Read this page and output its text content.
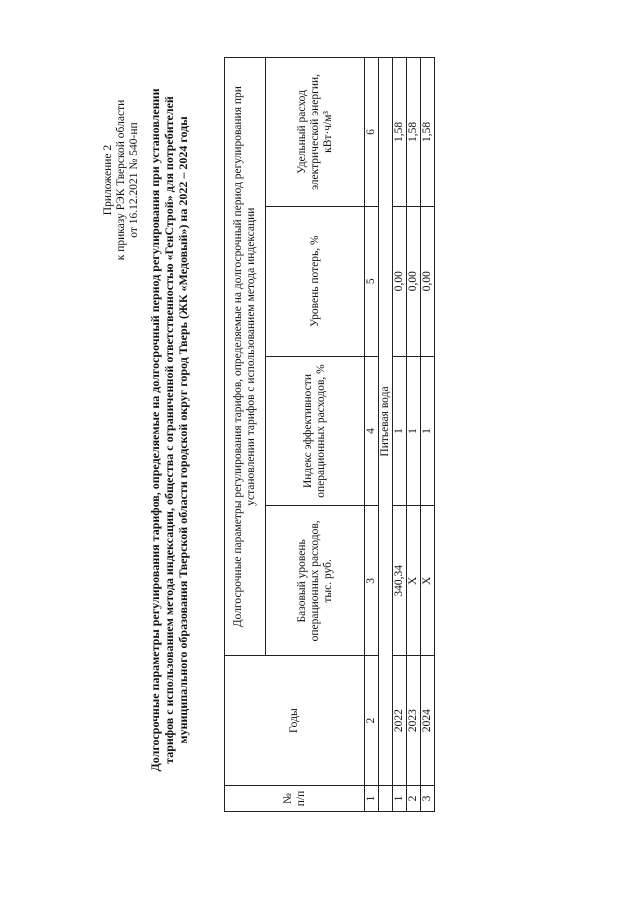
Приложение 2 к приказу РЭК Тверской области от 16.12.2021 № 540-нп Долгосрочные параметры регулирования тарифов, определяемые на долгосрочный период регулирования при установлении тарифов с использованием метода индексации, общества с ограниченной ответственностью «ГенСтрой» для потребителей муниципального образования Тверской области городской округ город Тверь (ЖК «Медовый») на 2022 – 2024 годы
№ п/п	Годы	Долгосрочные параметры регулирования тарифов, определяемые на долгосрочный период регулирования при установлении тарифов с использованием метода индексации			
		Базовый уровень операционных расходов, тыс. руб.	Индекс эффективности операционных расходов, %	Уровень потерь, %	Удельный расход электрической энергии, кВт·ч/м³
1	2	3	4	5	6
	Питьевая вода				
1	2022	340,34	1	0,00	1,58
2	2023	Х	1	0,00	1,58
3	2024	Х	1	0,00	1,58
